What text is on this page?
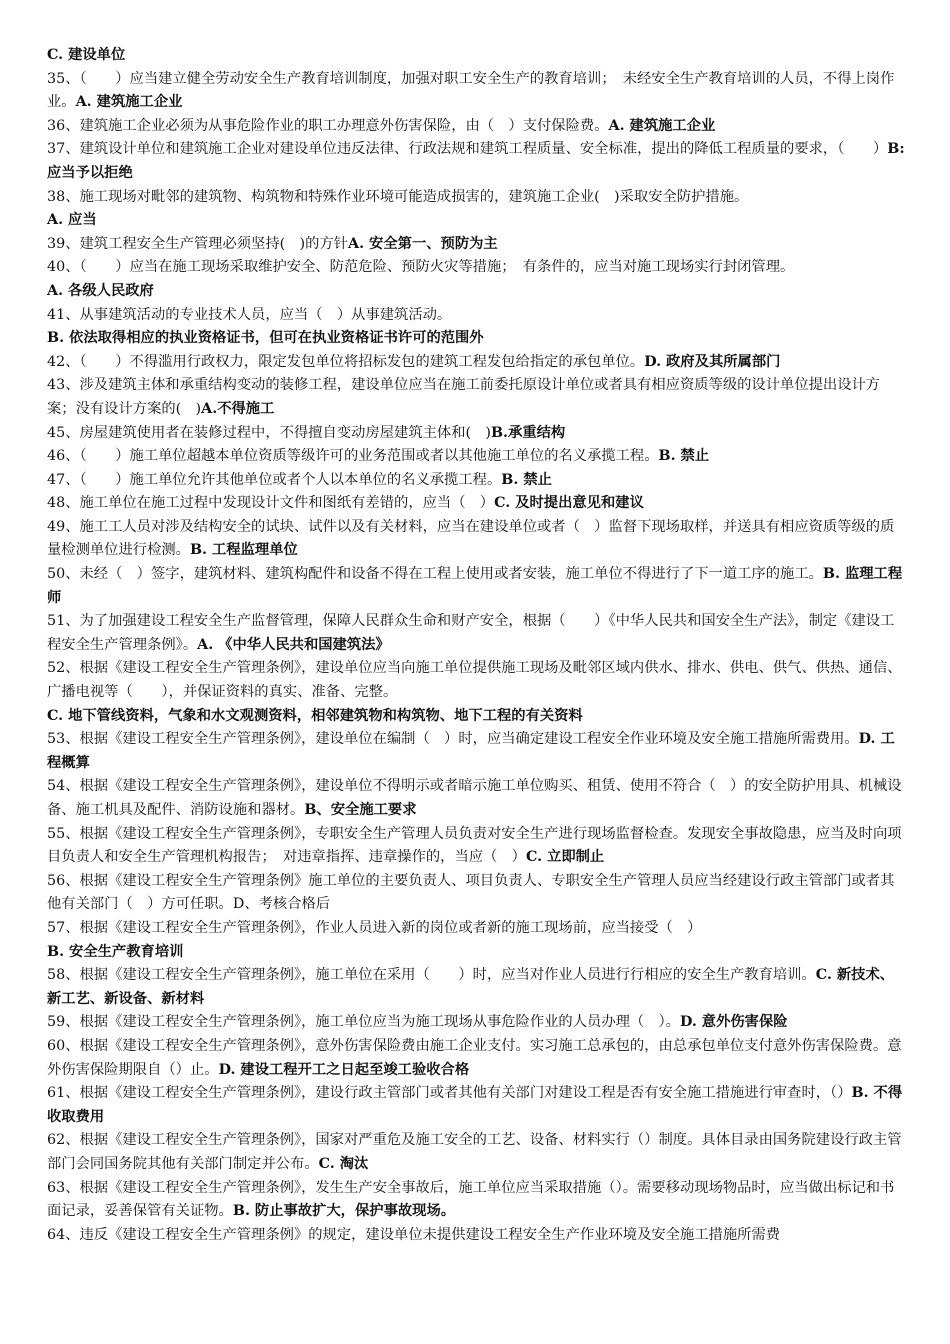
C. 建设单位

35、（　　）应当建立健全劳动安全生产教育培训制度，加强对职工安全生产的教育培训；　未经安全生产教育培训的人员，不得上岗作业。A. 建筑施工企业

36、建筑施工企业必须为从事危险作业的职工办理意外伤害保险，由（　）支付保险费。A. 建筑施工企业

37、建筑设计单位和建筑施工企业对建设单位违反法律、行政法规和建筑工程质量、安全标准，提出的降低工程质量的要求，（　　）B:应当予以拒绝

38、施工现场对毗邻的建筑物、构筑物和特殊作业环境可能造成损害的，建筑施工企业(　)采取安全防护措施。

A. 应当

39、建筑工程安全生产管理必须坚持(　)的方针A. 安全第一、预防为主

40、（　　）应当在施工现场采取维护安全、防范危险、预防火灾等措施；　有条件的，应当对施工现场实行封闭管理。

A. 各级人民政府

41、从事建筑活动的专业技术人员，应当（　）从事建筑活动。

B. 依法取得相应的执业资格证书，但可在执业资格证书许可的范围外

42、（　　）不得滥用行政权力，限定发包单位将招标发包的建筑工程发包给指定的承包单位。D. 政府及其所属部门

43、涉及建筑主体和承重结构变动的装修工程，建设单位应当在施工前委托原设计单位或者具有相应资质等级的设计单位提出设计方案；没有设计方案的(　)A.不得施工

45、房屋建筑使用者在装修过程中，不得擅自变动房屋建筑主体和(　)B.承重结构

46、（　　）施工单位超越本单位资质等级许可的业务范围或者以其他施工单位的名义承揽工程。B. 禁止

47、（　　）施工单位允许其他单位或者个人以本单位的名义承揽工程。B. 禁止

48、施工单位在施工过程中发现设计文件和图纸有差错的，应当（　）C. 及时提出意见和建议

49、施工工人员对涉及结构安全的试块、试件以及有关材料，应当在建设单位或者（　）监督下现场取样，并送具有相应资质等级的质量检测单位进行检测。B. 工程监理单位

50、未经（　）签字，建筑材料、建筑构配件和设备不得在工程上使用或者安装，施工单位不得进行了下一道工序的施工。B. 监理工程师

51、为了加强建设工程安全生产监督管理，保障人民群众生命和财产安全，根据（　　）《中华人民共和国安全生产法》，制定《建设工程安全生产管理条例》。A. 《中华人民共和国建筑法》

52、根据《建设工程安全生产管理条例》，建设单位应当向施工单位提供施工现场及毗邻区域内供水、排水、供电、供气、供热、通信、广播电视等（　　），并保证资料的真实、准备、完整。

C. 地下管线资料，气象和水文观测资料，相邻建筑物和构筑物、地下工程的有关资料

53、根据《建设工程安全生产管理条例》，建设单位在编制（　）时，应当确定建设工程安全作业环境及安全施工措施所需费用。D. 工程概算

54、根据《建设工程安全生产管理条例》，建设单位不得明示或者暗示施工单位购买、租赁、使用不符合（　）的安全防护用具、机械设备、施工机具及配件、消防设施和器材。B、安全施工要求

55、根据《建设工程安全生产管理条例》，专职安全生产管理人员负责对安全生产进行现场监督检查。发现安全事故隐患，应当及时向项目负责人和安全生产管理机构报告；　对违章指挥、违章操作的，当应（　）C. 立即制止

56、根据《建设工程安全生产管理条例》施工单位的主要负责人、项目负责人、专职安全生产管理人员应当经建设行政主管部门或者其他有关部门（　）方可任职。D、考核合格后

57、根据《建设工程安全生产管理条例》，作业人员进入新的岗位或者新的施工现场前，应当接受（　）

B. 安全生产教育培训

58、根据《建设工程安全生产管理条例》，施工单位在采用（　　）时，应当对作业人员进行行相应的安全生产教育培训。C. 新技术、新工艺、新设备、新材料

59、根据《建设工程安全生产管理条例》，施工单位应当为施工现场从事危险作业的人员办理（　）。D. 意外伤害保险

60、根据《建设工程安全生产管理条例》，意外伤害保险费由施工企业支付。实习施工总承包的，由总承包单位支付意外伤害保险费。意外伤害保险期限自（）止。D. 建设工程开工之日起至竣工验收合格

61、根据《建设工程安全生产管理条例》，建设行政主管部门或者其他有关部门对建设工程是否有安全施工措施进行审查时，（）B. 不得收取费用

62、根据《建设工程安全生产管理条例》，国家对严重危及施工安全的工艺、设备、材料实行（）制度。具体目录由国务院建设行政主管部门会同国务院其他有关部门制定并公布。C. 淘汰

63、根据《建设工程安全生产管理条例》，发生生产安全事故后，施工单位应当采取措施（）。需要移动现场物品时，应当做出标记和书面记录，妥善保管有关证物。B. 防止事故扩大，保护事故现场。

64、违反《建设工程安全生产管理条例》的规定，建设单位未提供建设工程安全生产作业环境及安全施工措施所需费
